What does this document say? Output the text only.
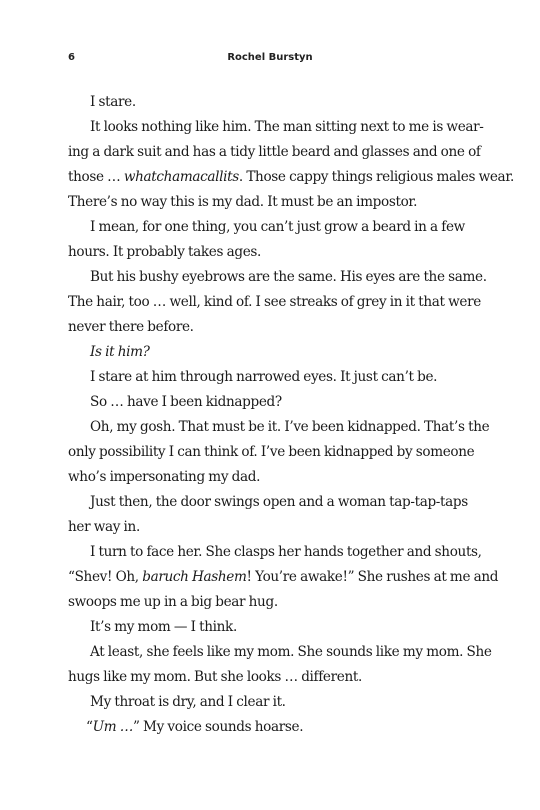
6	Rochel Burstyn
I stare.
It looks nothing like him. The man sitting next to me is wear-
ing a dark suit and has a tidy little beard and glasses and one of
those … whatchamacallits. Those cappy things religious males wear.
There’s no way this is my dad. It must be an impostor.
I mean, for one thing, you can’t just grow a beard in a few
hours. It probably takes ages.
But his bushy eyebrows are the same. His eyes are the same.
The hair, too … well, kind of. I see streaks of grey in it that were
never there before.
Is it him?
I stare at him through narrowed eyes. It just can’t be.
So … have I been kidnapped?
Oh, my gosh. That must be it. I’ve been kidnapped. That’s the
only possibility I can think of. I’ve been kidnapped by someone
who’s impersonating my dad.
Just then, the door swings open and a woman tap-tap-taps
her way in.
I turn to face her. She clasps her hands together and shouts,
“Shev! Oh, baruch Hashem! You’re awake!” She rushes at me and
swoops me up in a big bear hug.
It’s my mom — I think.
At least, she feels like my mom. She sounds like my mom. She
hugs like my mom. But she looks … different.
My throat is dry, and I clear it.
“Um …” My voice sounds hoarse.
